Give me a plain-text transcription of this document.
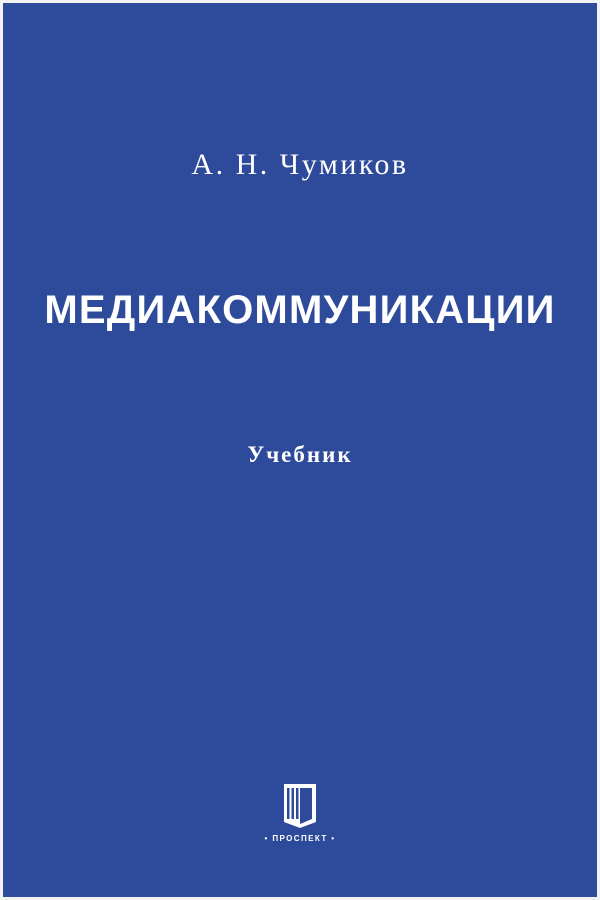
А. Н. Чумиков
МЕДИАКОММУНИКАЦИИ
Учебник
• ПРОСПЕКТ •
